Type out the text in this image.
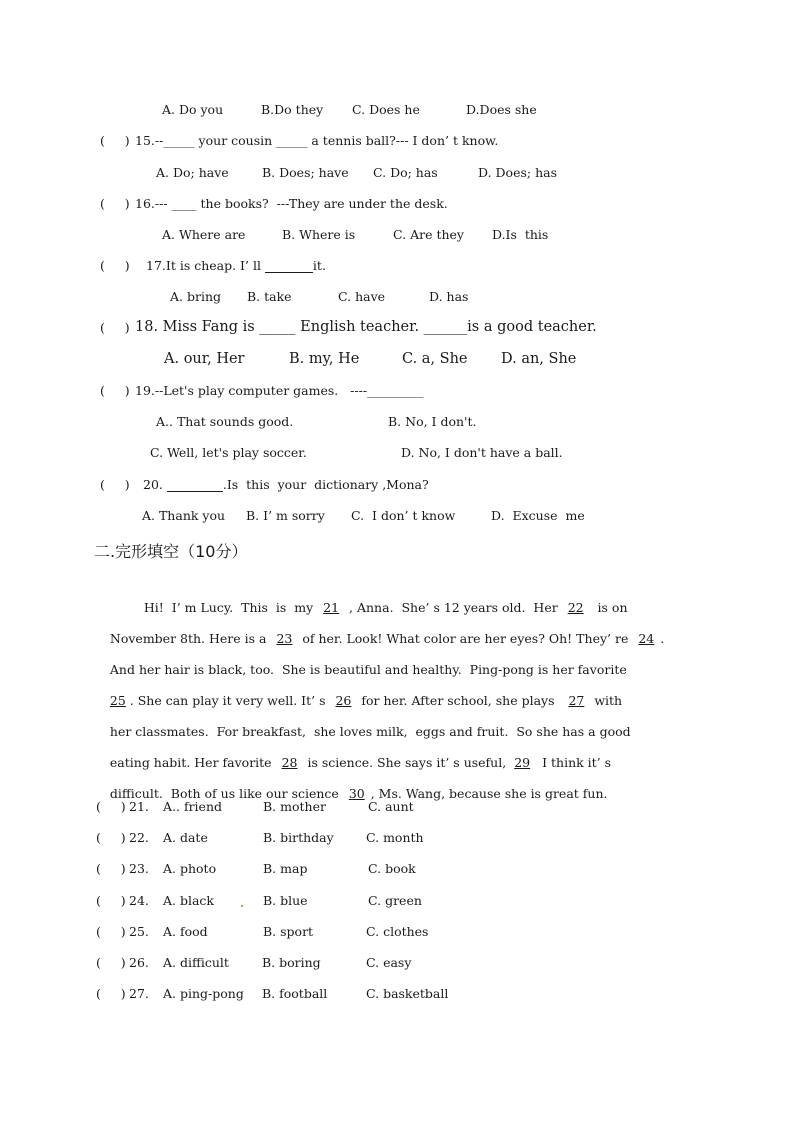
A. Do you	B.Do they C. Does he	D.Does she
(     ) 15.--_____ your cousin _____ a tennis ball?--- I don’ t know.
A. Do; have	B. Does; have C. Do; has	D. Does; has
(     ) 16.--- ____ the books?  ---They are under the desk.
A. Where are	B. Where is	C. Are they D.Is  this
(     ) 17.It is cheap. I’ ll	it.
A. bring B. take	C. have	D. has
(     ) 18. Miss Fang is _____ English teacher. ______is a good teacher.
A. our, Her	B. my, He	C. a, She D. an, She
(     ) 19.--Let's play computer games.   ----_________
A.. That sounds good.	B. No, I don't.
C. Well, let's play soccer.	D. No, I don't have a ball.
(     ) 20.	.Is  this  your  dictionary ,Mona?
A. Thank you B. I’ m sorry C.  I don’ t know	D.  Excuse  me
二.完形填空（10分）

Hi!  I’ m Lucy.  This  is  my 21 , Anna.  She’ s 12 years old.  Her 22  is on

November 8th. Here is a 23 of her. Look! What color are her eyes? Oh! They’ re 24 .

And her hair is black, too.  She is beautiful and healthy.  Ping-pong is her favorite

25 . She can play it very well. It’ s 26 for her. After school, she plays  27 with

her classmates.  For breakfast,  she loves milk,  eggs and fruit.  So she has a good

eating habit. Her favorite 28 is science. She says it’ s useful, 29 I think it’ s

difficult.  Both of us like our science 30 , Ms. Wang, because she is great fun.

(     ) 21. A.. friend	B. mother	C. aunt
(     ) 22. A. date	B. birthday	C. month
(     ) 23. A. photo	B. map	C. book
(     ) 24. A. black	B. blue	C. green
(     ) 25. A. food	B. sport	C. clothes
(     ) 26. A. difficult	B. boring	C. easy
(     ) 27. A. ping-pong B. football	C. basketball
